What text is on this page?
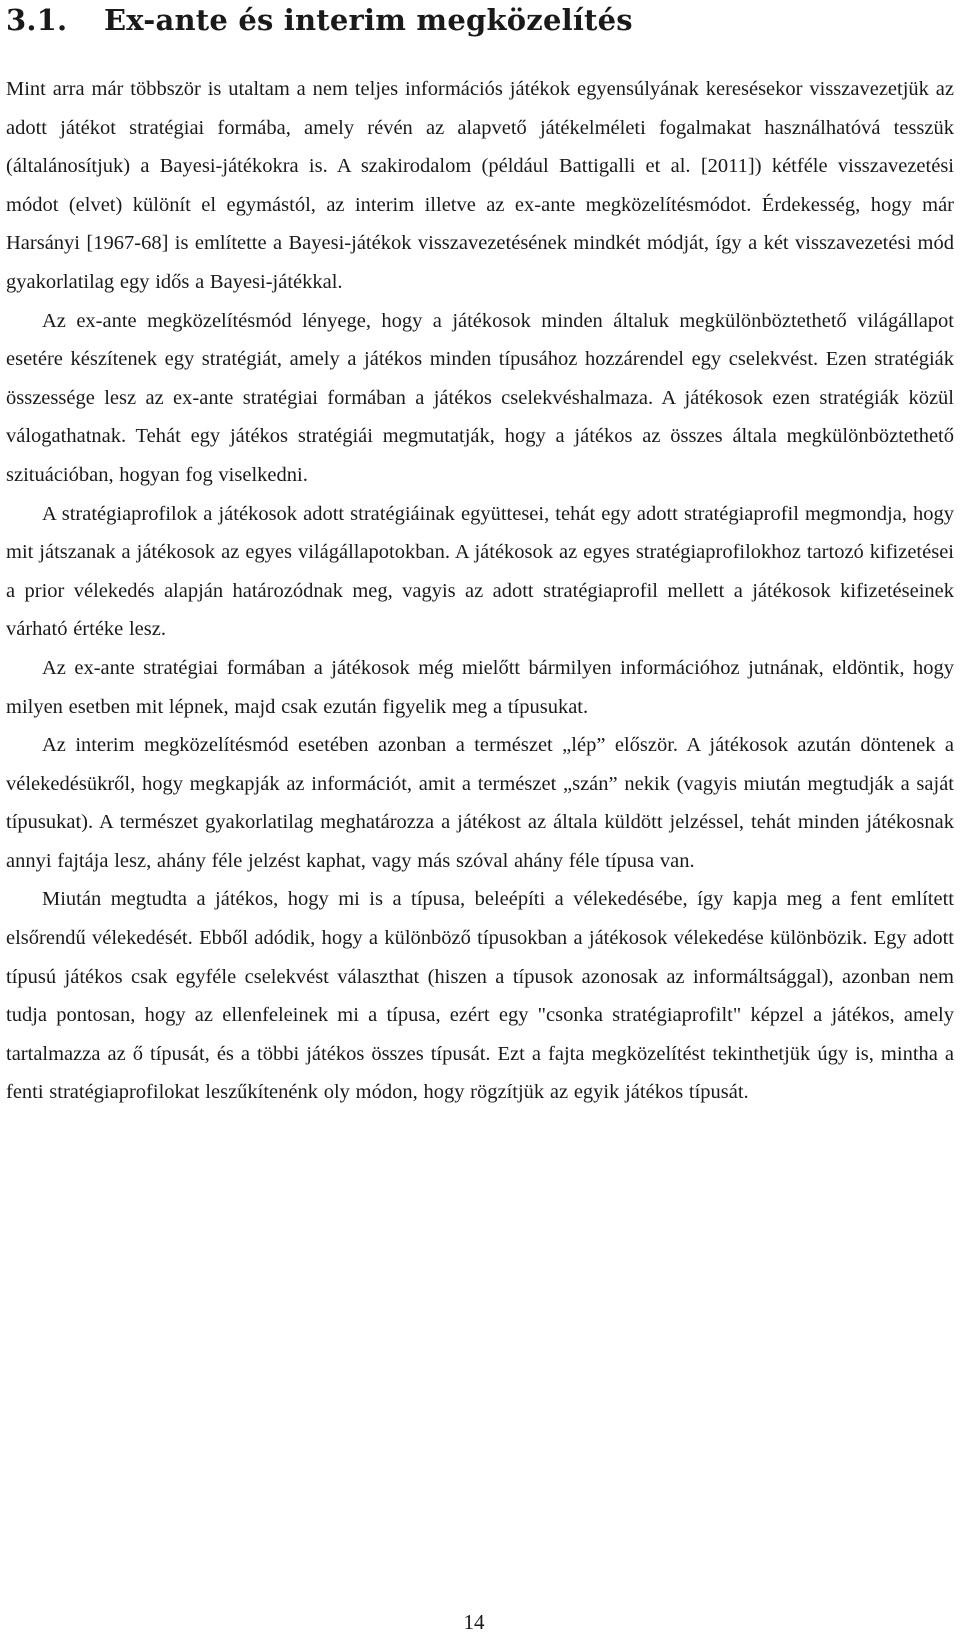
3.1. Ex-ante és interim megközelítés

Mint arra már többször is utaltam a nem teljes információs játékok egyensúlyának keresésekor visszavezetjük az adott játékot stratégiai formába, amely révén az alapvető játékelméleti fogalmakat használhatóvá tesszük (általánosítjuk) a Bayesi-játékokra is. A szakirodalom (például Battigalli et al. [2011]) kétféle visszavezetési módot (elvet) különít el egymástól, az interim illetve az ex-ante megközelítésmódot. Érdekesség, hogy már Harsányi [1967-68] is említette a Bayesi-játékok visszavezetésének mindkét módját, így a két visszavezetési mód gyakorlatilag egy idős a Bayesi-játékkal.

Az ex-ante megközelítésmód lényege, hogy a játékosok minden általuk megkülönböztethető világállapot esetére készítenek egy stratégiát, amely a játékos minden típusához hozzárendel egy cselekvést. Ezen stratégiák összessége lesz az ex-ante stratégiai formában a játékos cselekvéshalmaza. A játékosok ezen stratégiák közül válogathatnak. Tehát egy játékos stratégiái megmutatják, hogy a játékos az összes általa megkülönböztethető szituációban, hogyan fog viselkedni.

A stratégiaprofilok a játékosok adott stratégiáinak együttesei, tehát egy adott stratégiaprofil megmondja, hogy mit játszanak a játékosok az egyes világállapotokban. A játékosok az egyes stratégiaprofilokhoz tartozó kifizetései a prior vélekedés alapján határozódnak meg, vagyis az adott stratégiaprofil mellett a játékosok kifizetéseinek várható értéke lesz.

Az ex-ante stratégiai formában a játékosok még mielőtt bármilyen információhoz jutnának, eldöntik, hogy milyen esetben mit lépnek, majd csak ezután figyelik meg a típusukat.

Az interim megközelítésmód esetében azonban a természet „lép” először. A játékosok azután döntenek a vélekedésükről, hogy megkapják az információt, amit a természet „szán” nekik (vagyis miután megtudják a saját típusukat). A természet gyakorlatilag meghatározza a játékost az általa küldött jelzéssel, tehát minden játékosnak annyi fajtája lesz, ahány féle jelzést kaphat, vagy más szóval ahány féle típusa van.

Miután megtudta a játékos, hogy mi is a típusa, beleépíti a vélekedésébe, így kapja meg a fent említett elsőrendű vélekedését. Ebből adódik, hogy a különböző típusokban a játékosok vélekedése különbözik. Egy adott típusú játékos csak egyféle cselekvést választhat (hiszen a típusok azonosak az informáltsággal), azonban nem tudja pontosan, hogy az ellenfeleinek mi a típusa, ezért egy "csonka stratégiaprofilt" képzel a játékos, amely tartalmazza az ő típusát, és a többi játékos összes típusát. Ezt a fajta megközelítést tekinthetjük úgy is, mintha a fenti stratégiaprofilokat leszűkítenénk oly módon, hogy rögzítjük az egyik játékos típusát.

14
